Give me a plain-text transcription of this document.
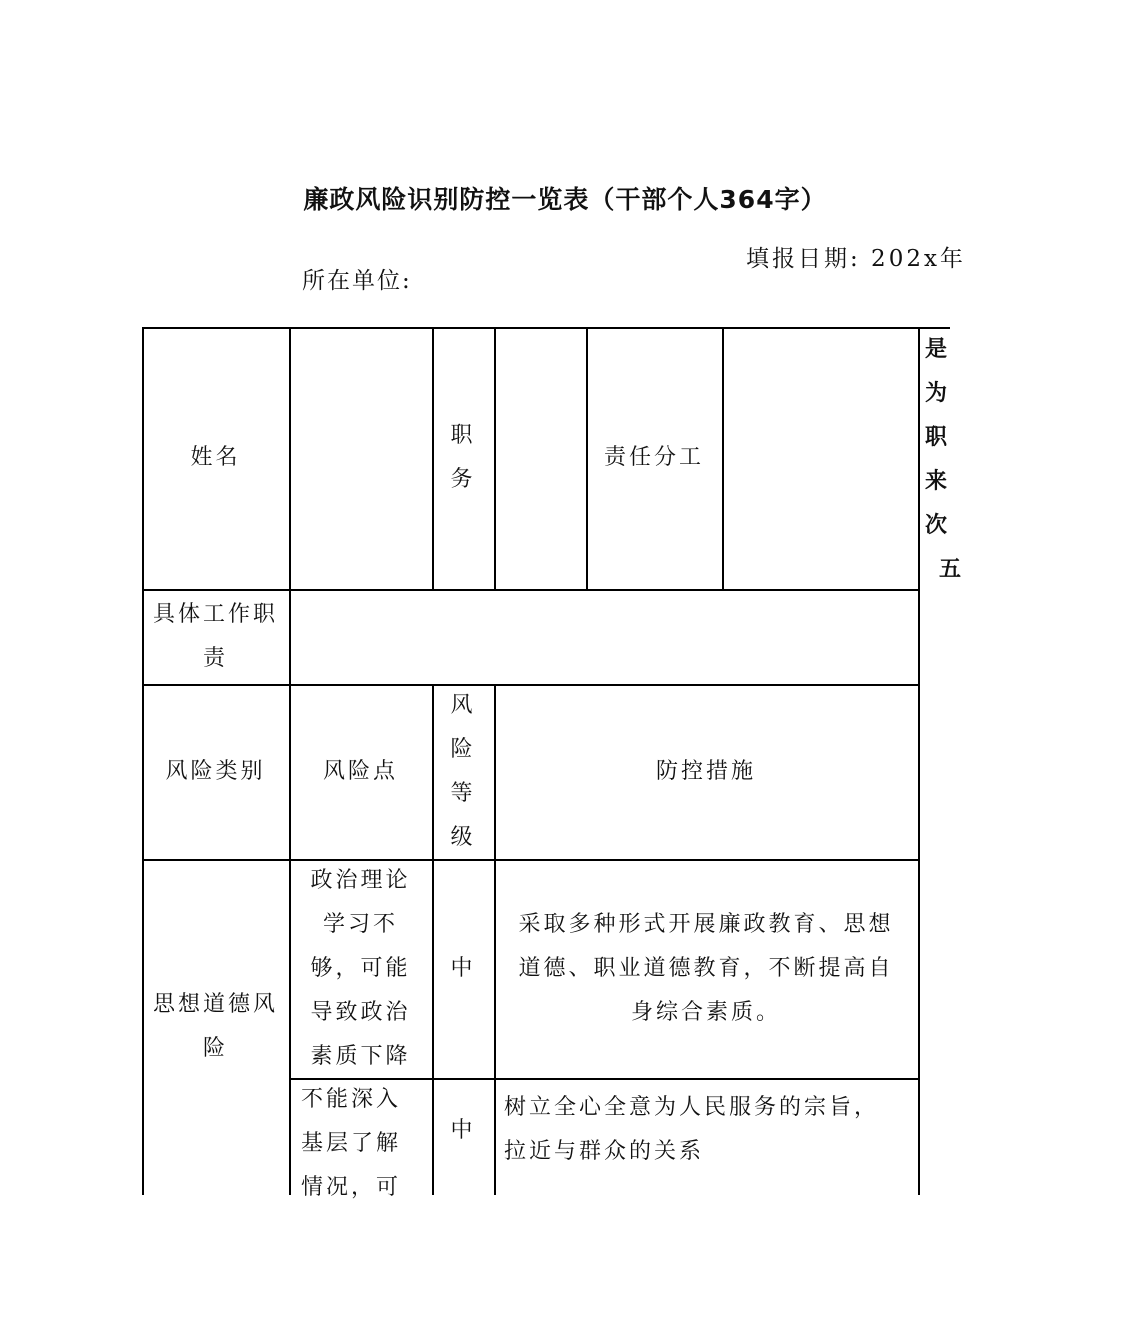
廉政风险识别防控一览表（干部个人364字）
所在单位:
填报日期: 202x年
姓名
职务
责任分工
是
为
职
来
次
五
具体工作职责
风险类别	风险点
风险等级
防控措施
思想道德风险
政治理论学习不够，可能导致政治素质下降
中
采取多种形式开展廉政教育、思想道德、职业道德教育，不断提高自身综合素质。
不能深入基层了解情况，可
中
树立全心全意为人民服务的宗旨，拉近与群众的关系
